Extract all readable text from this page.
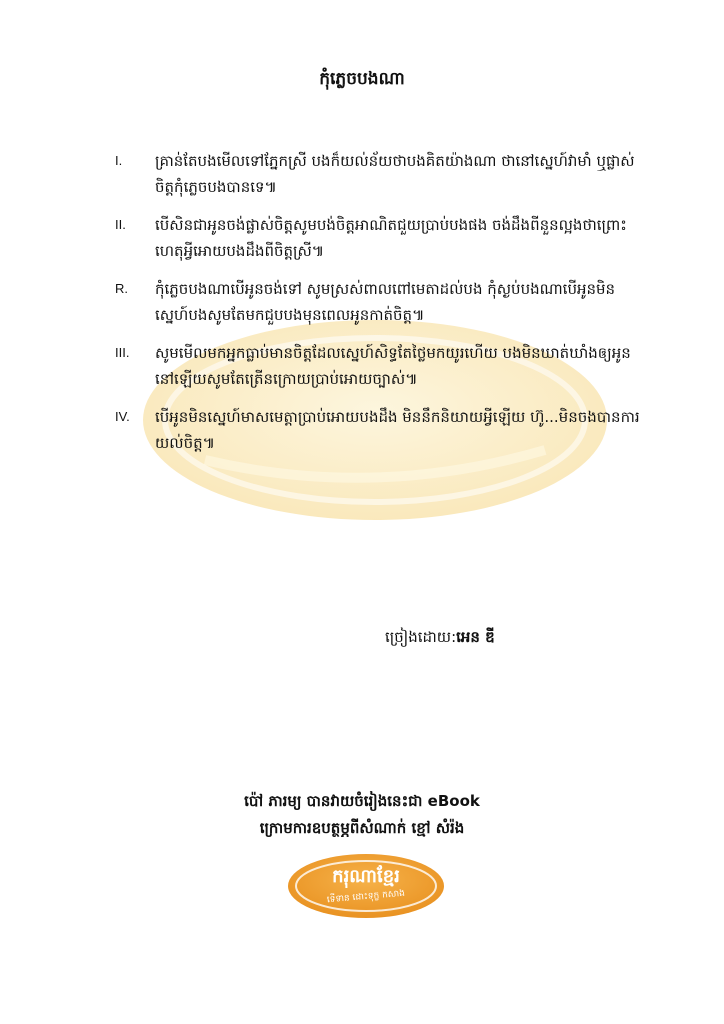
កុំភ្លេចបងណា
I. គ្រាន់តែបងមើលទៅភ្នែកស្រី បងក៏យល់ន័យថាបងគិតយ៉ាងណា ថានៅស្នេហ៍វាមាំ ឬផ្លាស់ចិត្តកុំភ្លេចបងបានទេ៕
II. បើសិនជាអូនចង់ផ្លាស់ចិត្តសូមបង់ចិត្តអាណិតជួយប្រាប់បងផង ចង់ដឹងពីនួនល្អងថាព្រោះហេតុអ្វីអោយបងដឹងពីចិត្តស្រី៕
R. កុំភ្លេចបងណាបើអូនចង់ទៅ សូមស្រស់ពាលពៅមេតាដល់បង កុំស្ងប់បងណាបើអូនមិនស្នេហ៍បងសូមតែមកជួបបងមុនពេលអូនកាត់ចិត្ត៕
III. សូមមើលមកអ្នកធ្លាប់មានចិត្តដែលស្នេហ៍សិទ្ធតែថ្លៃមកយូរហើយ បងមិនឃាត់ឃាំងឲ្យអូននៅឡើយសូមតែត្រើនក្រោយប្រាប់អោយច្បាស់៕
IV. បើអូនមិនស្នេហ៍មាសមេត្តាប្រាប់អោយបងដឹង មិននឹកនិយាយអ្វីឡើយ ហ៊ូ...មិនចងបានការយល់ចិត្ត៕
ច្រៀងដោយ:អេន ឌី
ប៉ៅ ភារម្យ បានវាយចំរៀងនេះជា eBook
ក្រោមការឧបត្ថម្ភពីសំណាក់ ខ្មៅ សំរ៉ង
ករុណាខ្មែរ
ទើទាន ដោះទុក្ខ កសាង
